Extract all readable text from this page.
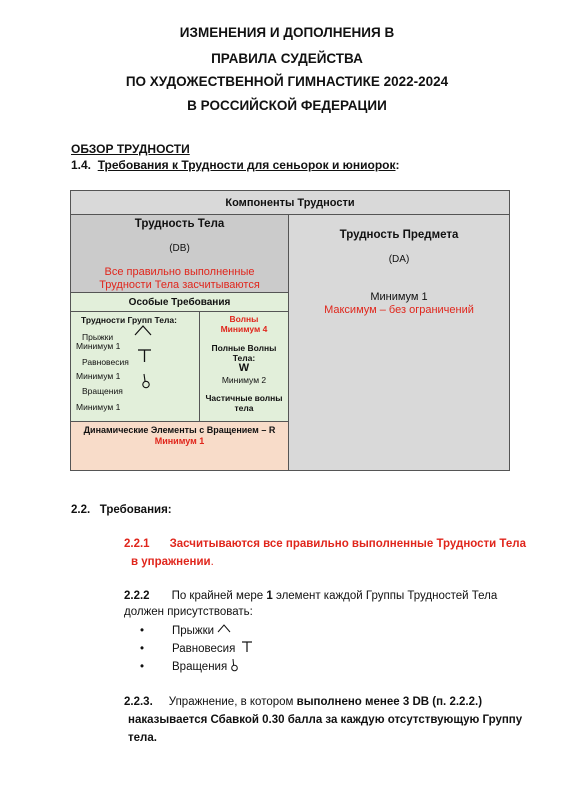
ИЗМЕНЕНИЯ И ДОПОЛНЕНИЯ В
ПРАВИЛА СУДЕЙСТВА
ПО ХУДОЖЕСТВЕННОЙ ГИМНАСТИКЕ 2022-2024
В РОССИЙСКОЙ ФЕДЕРАЦИИ
ОБЗОР ТРУДНОСТИ
1.4. Требования к Трудности для сеньорок и юниорок:
Компоненты Трудности
Трудность Тела
(DB)
Все правильно выполненные
Трудности Тела засчитываются
Особые Требования
Трудности Групп Тела:
Прыжки
Минимум 1
Равновесия
Минимум 1
Вращения
Минимум 1
Волны
Минимум 4
Полные Волны
Тела:
W
Минимум 2
Частичные волны
тела
Динамические Элементы с Вращением – R
Минимум 1
Трудность Предмета
(DA)
Минимум 1
Максимум – без ограничений
2.2. Требования:
2.2.1 Засчитываются все правильно выполненные Трудности Тела
в упражнении.
2.2.2 По крайней мере 1 элемент каждой Группы Трудностей Тела
должен присутствовать:
• Прыжки
• Равновесия
• Вращения
2.2.3. Упражнение, в котором выполнено менее 3 DB (п. 2.2.2.)
наказывается Сбавкой 0.30 балла за каждую отсутствующую Группу
тела.
